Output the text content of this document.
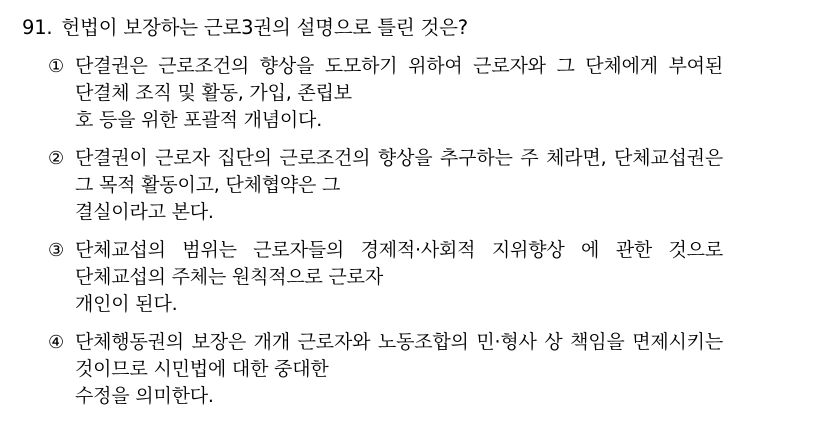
91. 헌법이 보장하는 근로3권의 설명으로 틀린 것은?
① 단결권은 근로조건의 향상을 도모하기 위하여 근로자와 그 단체에게 부여된 단결체 조직 및 활동, 가입, 존립보
호 등을 위한 포괄적 개념이다.
② 단결권이 근로자 집단의 근로조건의 향상을 추구하는 주 체라면, 단체교섭권은 그 목적 활동이고, 단체협약은 그
결실이라고 본다.
③ 단체교섭의 범위는 근로자들의 경제적·사회적 지위향상 에 관한 것으로 단체교섭의 주체는 원칙적으로 근로자
개인이 된다.
④ 단체행동권의 보장은 개개 근로자와 노동조합의 민·형사 상 책임을 면제시키는 것이므로 시민법에 대한 중대한
수정을 의미한다.
